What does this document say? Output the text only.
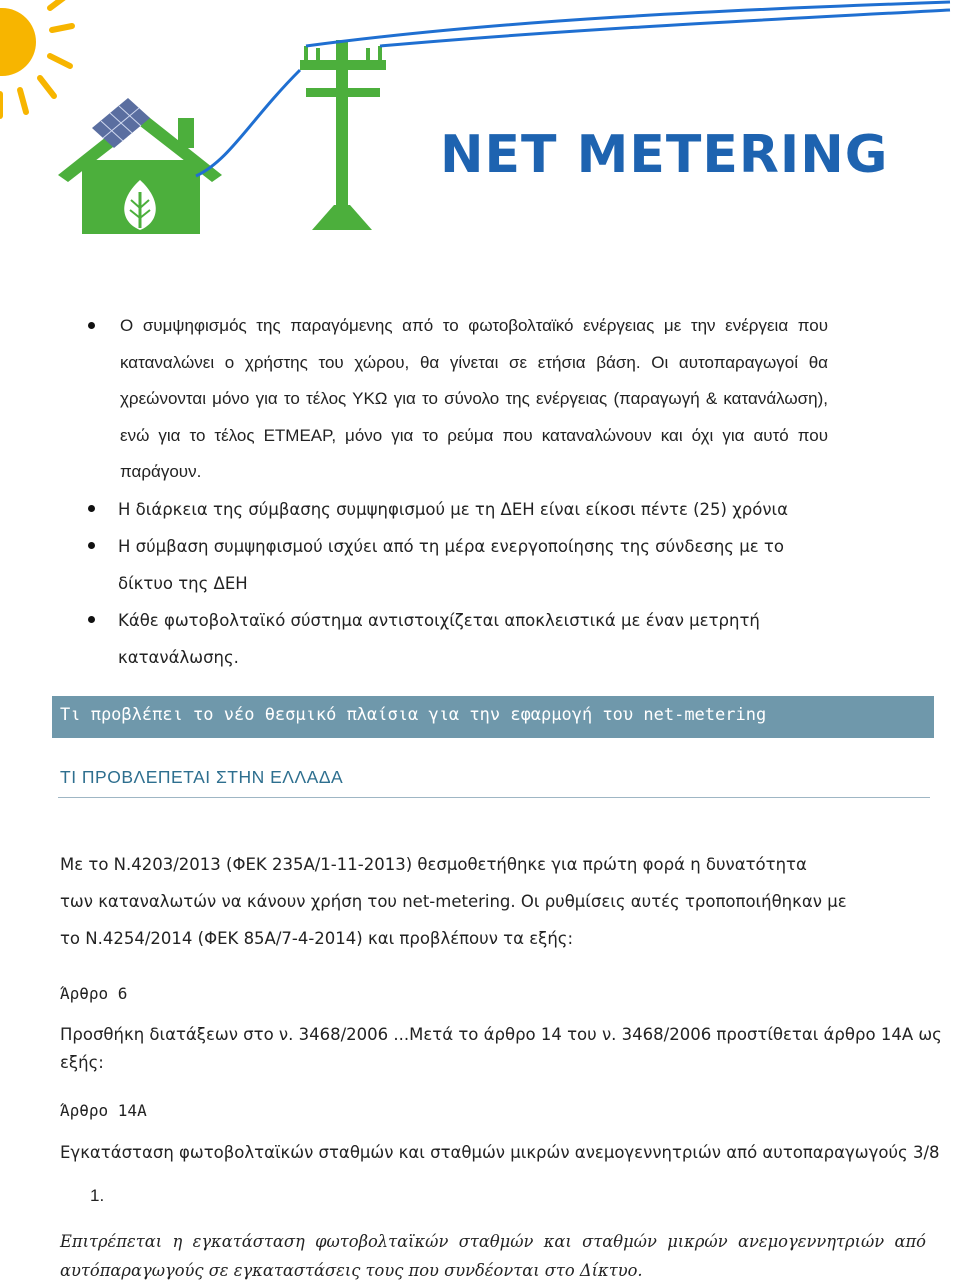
NET METERING
Ο συμψηφισμός της παραγόμενης από το φωτοβολταϊκό ενέργειας με την ενέργεια που καταναλώνει ο χρήστης του χώρου, θα γίνεται σε ετήσια βάση. Οι αυτοπαραγωγοί θα χρεώνονται μόνο για το τέλος ΥΚΩ για το σύνολο της ενέργειας (παραγωγή & κατανάλωση), ενώ για το τέλος ΕΤΜΕΑΡ, μόνο για το ρεύμα που καταναλώνουν και όχι για αυτό που παράγουν.
Η διάρκεια της σύμβασης συμψηφισμού με τη ΔΕΗ είναι είκοσι πέντε (25) χρόνια
Η σύμβαση συμψηφισμού ισχύει από τη μέρα ενεργοποίησης της σύνδεσης με το δίκτυο της ΔΕΗ
Κάθε φωτοβολταϊκό σύστημα αντιστοιχίζεται αποκλειστικά με έναν μετρητή κατανάλωσης.
Τι προβλέπει το νέο θεσμικό πλαίσια για την εφαρμογή του net-metering
ΤΙ ΠΡΟΒΛΕΠΕΤΑΙ ΣΤΗΝ ΕΛΛΑΔΑ
Με το Ν.4203/2013 (ΦΕΚ 235Α/1-11-2013) θεσμοθετήθηκε για πρώτη φορά η δυνατότητα
των καταναλωτών να κάνουν χρήση του net-metering. Οι ρυθμίσεις αυτές τροποποιήθηκαν με
το Ν.4254/2014 (ΦΕΚ 85Α/7-4-2014) και προβλέπουν τα εξής:
Άρθρο 6
Προσθήκη διατάξεων στο ν. 3468/2006 ...Μετά το άρθρο 14 του ν. 3468/2006 προστίθεται άρθρο 14Α ως
εξής:
Άρθρο 14Α
Εγκατάσταση φωτοβολταϊκών σταθμών και σταθμών μικρών ανεμογεννητριών από αυτοπαραγωγούς 3/8
1.
Επιτρέπεται η εγκατάσταση φωτοβολταϊκών σταθμών και σταθμών μικρών ανεμογεννητριών από αυτόπαραγωγούς σε εγκαταστάσεις τους που συνδέονται στο Δίκτυο.
